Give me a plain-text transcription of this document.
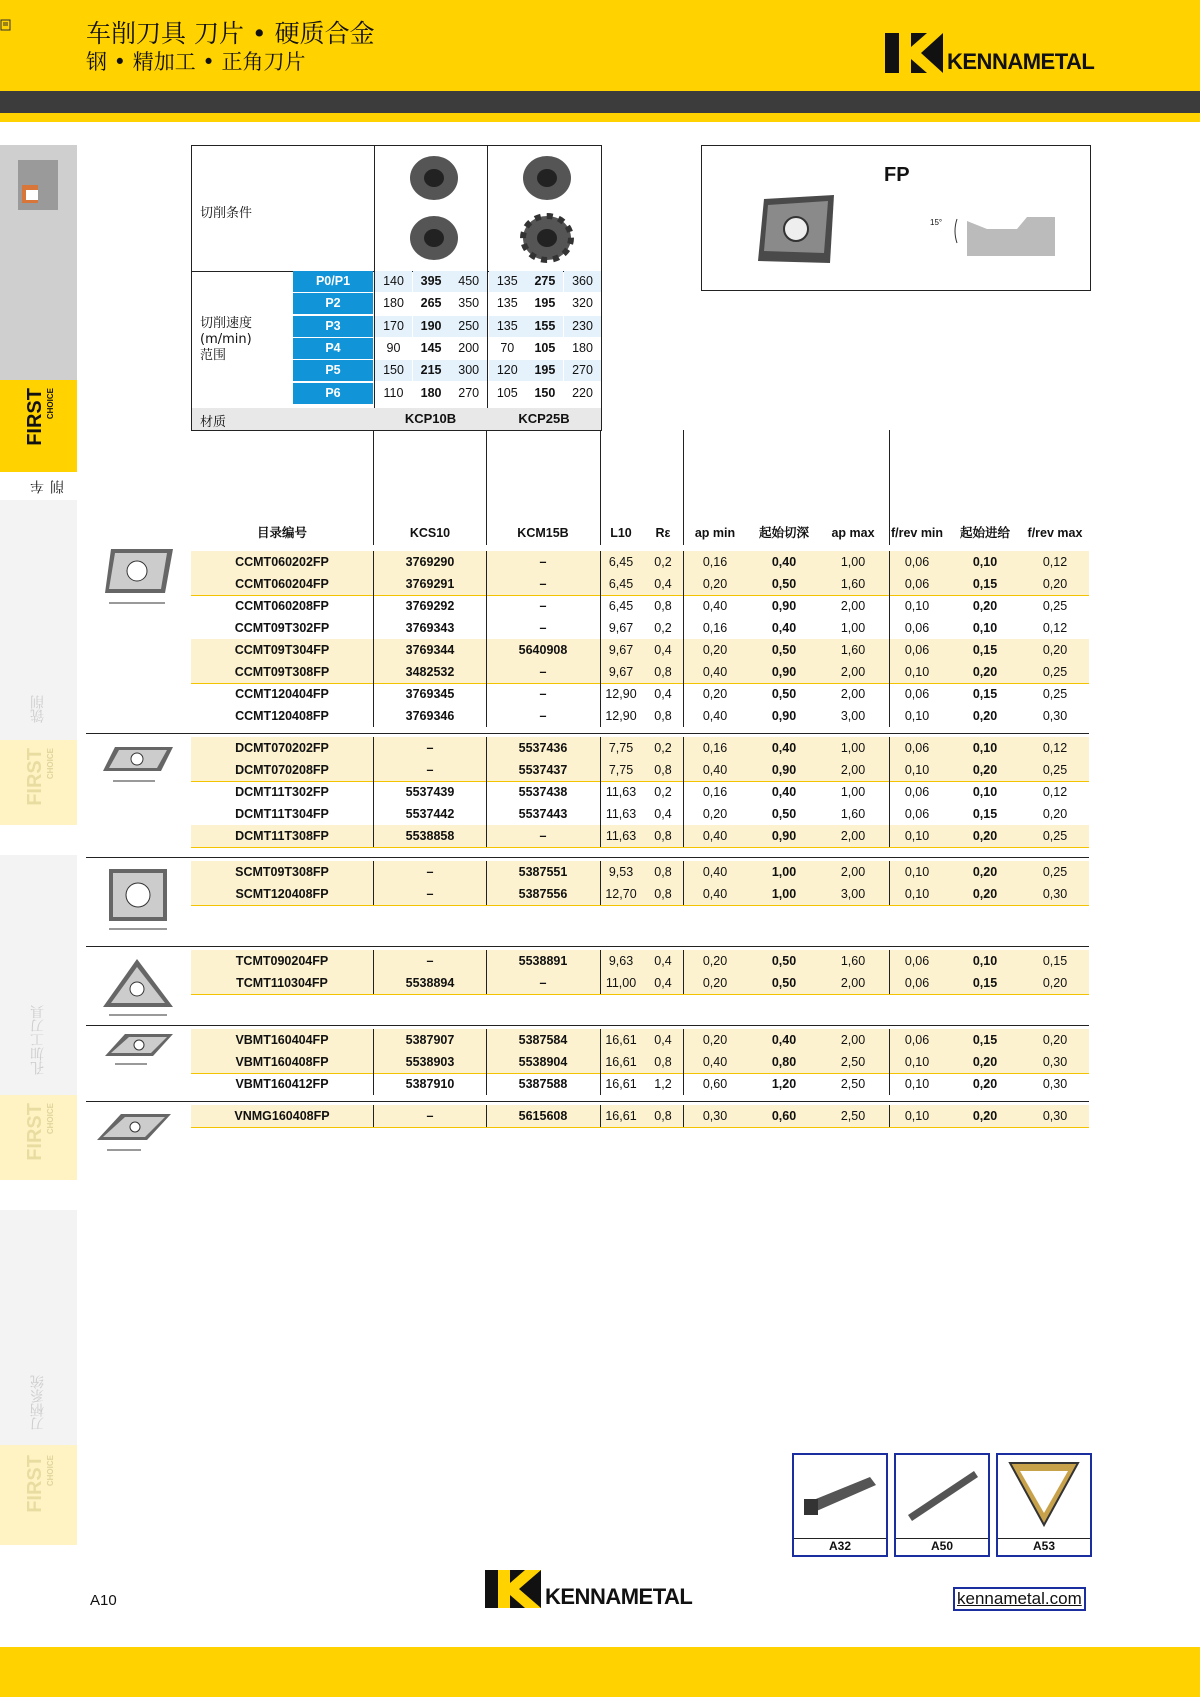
车削刀具 刀片 • 硬质合金
钢 • 精加工 • 正角刀片	KENNAMETAL
车削
FIRST CHOICE
铣削
FIRST CHOICE
孔加工刀具
FIRST CHOICE
刀柄系统
FIRST CHOICE
切削条件
切削速度
(m/min)
范围
材质	KCP10B	KCP25B
P0/P1	140	395	450	135	275	360
P2	180	265	350	135	195	320
P3	170	190	250	135	155	230
P4	90	145	200	70	105	180
P5	150	215	300	120	195	270
P6	110	180	270	105	150	220
FP
15°
目录编号	KCS10	KCM15B	L10	Rε	ap min	起始切深	ap max	f/rev min	起始进给	f/rev max
CCMT060202FP	3769290	–	6,45	0,2	0,16	0,40	1,00	0,06	0,10	0,12
CCMT060204FP	3769291	–	6,45	0,4	0,20	0,50	1,60	0,06	0,15	0,20
CCMT060208FP	3769292	–	6,45	0,8	0,40	0,90	2,00	0,10	0,20	0,25
CCMT09T302FP	3769343	–	9,67	0,2	0,16	0,40	1,00	0,06	0,10	0,12
CCMT09T304FP	3769344	5640908	9,67	0,4	0,20	0,50	1,60	0,06	0,15	0,20
CCMT09T308FP	3482532	–	9,67	0,8	0,40	0,90	2,00	0,10	0,20	0,25
CCMT120404FP	3769345	–	12,90	0,4	0,20	0,50	2,00	0,06	0,15	0,25
CCMT120408FP	3769346	–	12,90	0,8	0,40	0,90	3,00	0,10	0,20	0,30
DCMT070202FP	–	5537436	7,75	0,2	0,16	0,40	1,00	0,06	0,10	0,12
DCMT070208FP	–	5537437	7,75	0,8	0,40	0,90	2,00	0,10	0,20	0,25
DCMT11T302FP	5537439	5537438	11,63	0,2	0,16	0,40	1,00	0,06	0,10	0,12
DCMT11T304FP	5537442	5537443	11,63	0,4	0,20	0,50	1,60	0,06	0,15	0,20
DCMT11T308FP	5538858	–	11,63	0,8	0,40	0,90	2,00	0,10	0,20	0,25
SCMT09T308FP	–	5387551	9,53	0,8	0,40	1,00	2,00	0,10	0,20	0,25
SCMT120408FP	–	5387556	12,70	0,8	0,40	1,00	3,00	0,10	0,20	0,30
TCMT090204FP	–	5538891	9,63	0,4	0,20	0,50	1,60	0,06	0,10	0,15
TCMT110304FP	5538894	–	11,00	0,4	0,20	0,50	2,00	0,06	0,15	0,20
VBMT160404FP	5387907	5387584	16,61	0,4	0,20	0,40	2,00	0,06	0,15	0,20
VBMT160408FP	5538903	5538904	16,61	0,8	0,40	0,80	2,50	0,10	0,20	0,30
VBMT160412FP	5387910	5387588	16,61	1,2	0,60	1,20	2,50	0,10	0,20	0,30
VNMG160408FP	–	5615608	16,61	0,8	0,30	0,60	2,50	0,10	0,20	0,30
A32	A50	A53
A10	KENNAMETAL	kennametal.com
